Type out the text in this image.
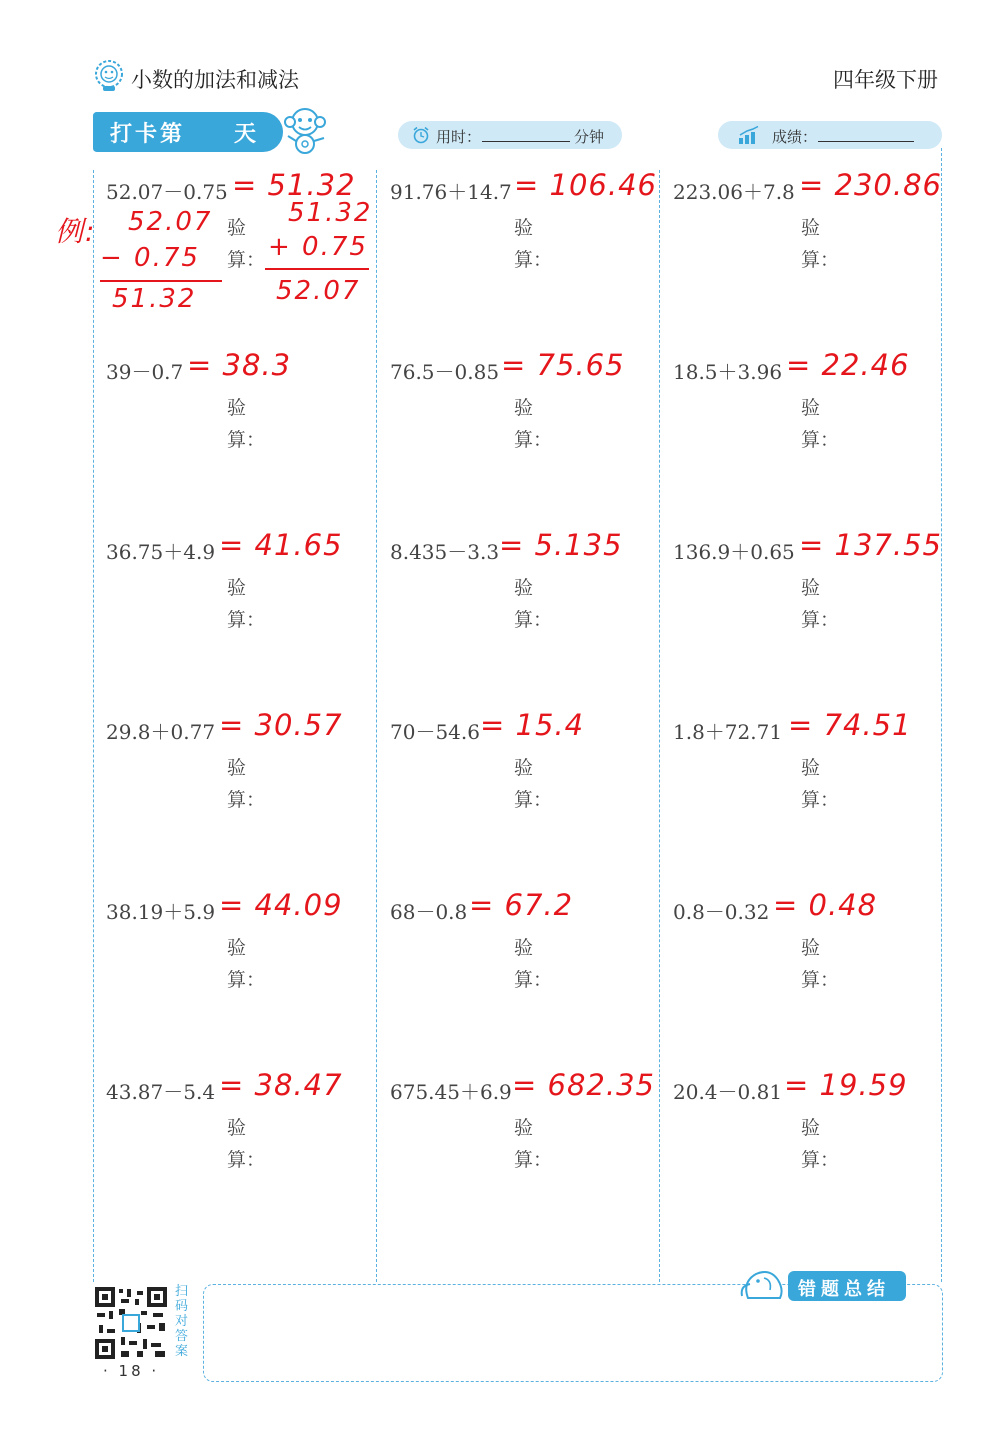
小数的加法和减法	四年级下册
打卡第 天	用时：	分钟	成绩：
52.07－0.75 = 51.32
验
算：
91.76＋14.7 = 106.46
验
算：
223.06＋7.8 = 230.86
验
算：
39－0.7 = 38.3
验
算：
76.5－0.85 = 75.65
验
算：
18.5＋3.96 = 22.46
验
算：
36.75＋4.9 = 41.65
验
算：
8.435－3.3 = 5.135
验
算：
136.9＋0.65 = 137.55
验
算：
29.8＋0.77 = 30.57
验
算：
70－54.6 = 15.4
验
算：
1.8＋72.71 = 74.51
验
算：
38.19＋5.9 = 44.09
验
算：
68－0.8 = 67.2
验
算：
0.8－0.32 = 0.48
验
算：
43.87－5.4 = 38.47
验
算：
675.45＋6.9 = 682.35
验
算：
20.4－0.81 = 19.59
验
算：
例: 52.07
− 0.75
51.32
51.32
+ 0.75
52.07
错题总结
扫码对答案
· 18 ·
